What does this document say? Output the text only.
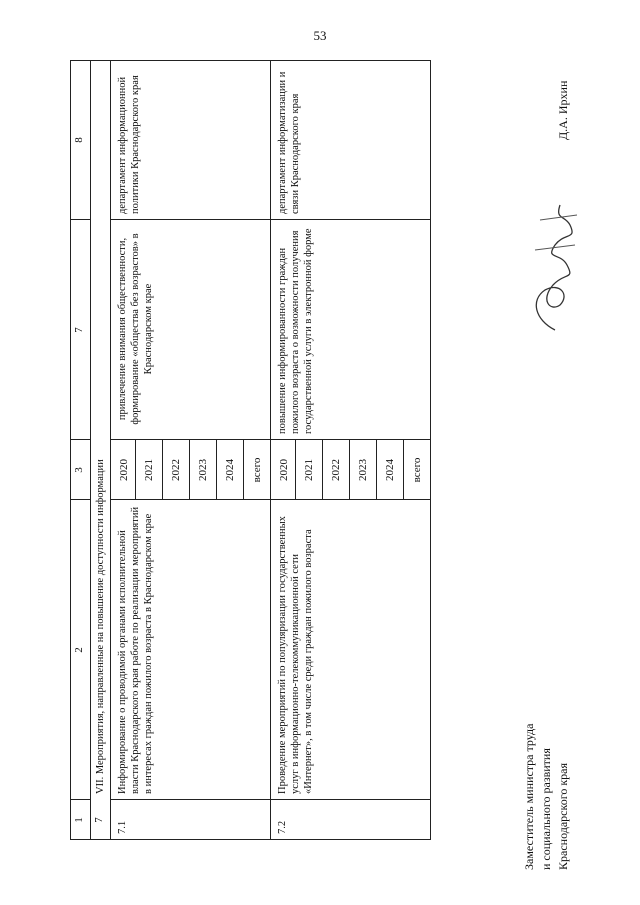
53
1
2
3
7
8
7
VII. Мероприятия, направленные на повышение доступности информации
7.1
Информирование о проводимой органами исполнительной власти Краснодарского края работе по реализации мероприятий в интересах граждан пожилого возраста в Краснодарском крае
2020 2021 2022 2023 2024 всего
привлечение внимания общественности, формирование «общества без возрастов» в Краснодарском крае
департамент информационной политики Краснодарского края
7.2
Проведение мероприятий по популяризации государственных услуг в информационно-телекоммуникационной сети «Интернет», в том числе среди граждан пожилого возраста
2020 2021 2022 2023 2024 всего
повышение информированности граждан пожилого возраста о возможности получения государственной услуги в электронной форме
департамент информатизации и связи Краснодарского края
Заместитель министра труда и социального развития Краснодарского края
Д.А. Ирхин
